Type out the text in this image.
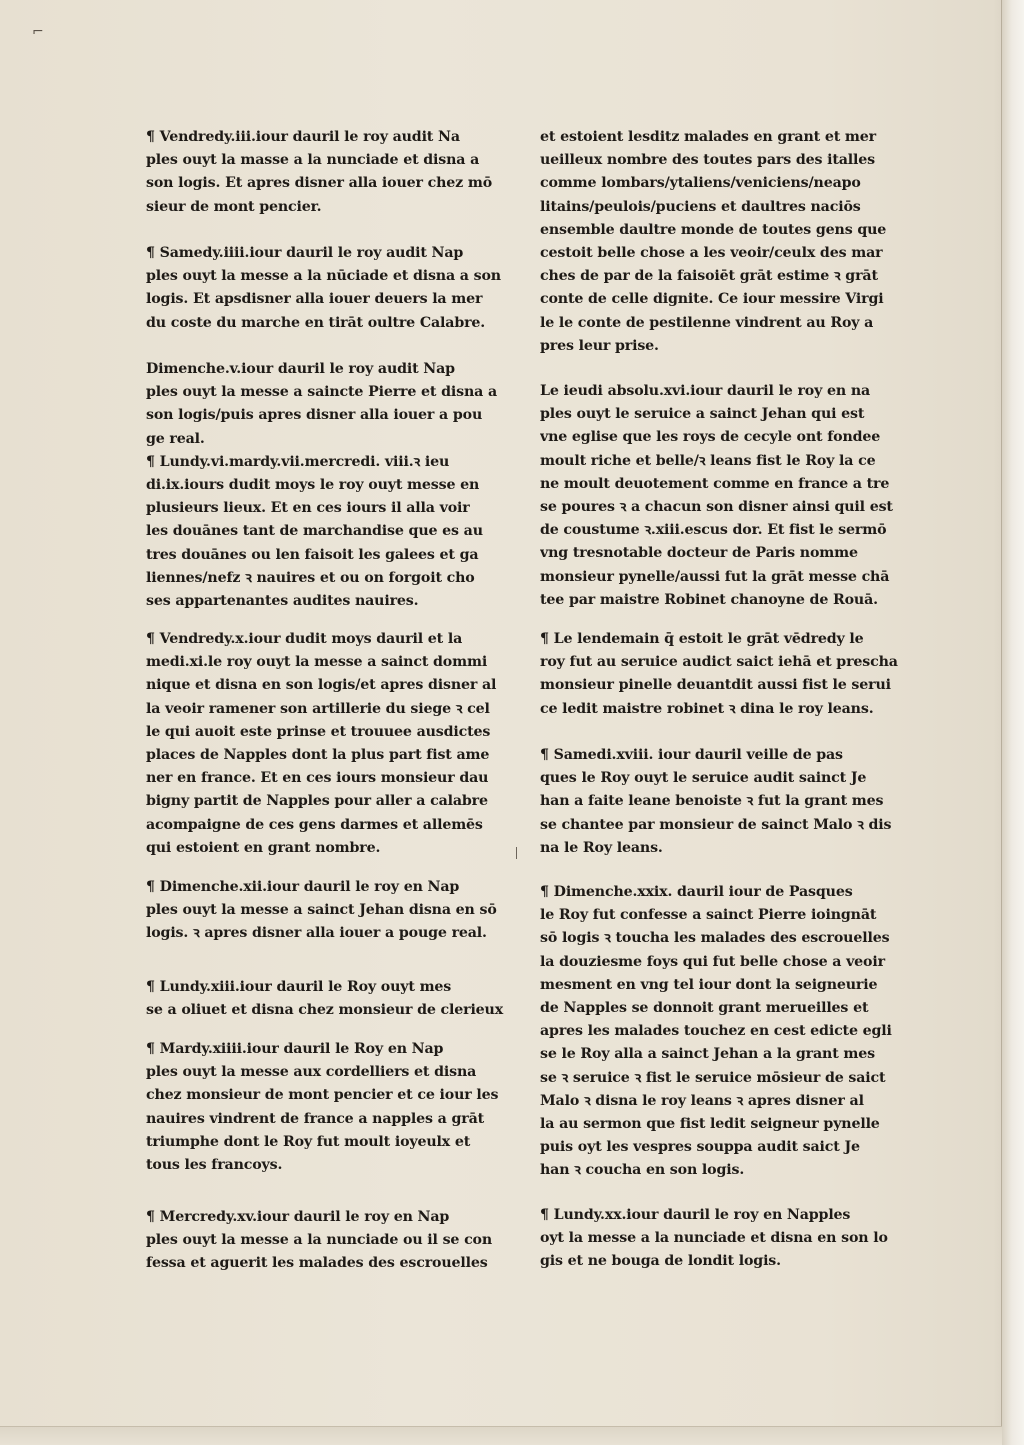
⌐
¶ Vendredy.iii.iour dauril le roy audit Na
ples ouyt la masse a la nunciade et disna a
son logis. Et apres disner alla iouer chez mō
sieur de mont pencier.
¶ Samedy.iiii.iour dauril le roy audit Nap
ples ouyt la messe a la nūciade et disna a son
logis. Et apsdisner alla iouer deuers la mer
du coste du marche en tirāt oultre Calabre.
Dimenche.v.iour dauril le roy audit Nap
ples ouyt la messe a saincte Pierre et disna a
son logis/puis apres disner alla iouer a pou
ge real.
¶ Lundy.vi.mardy.vii.mercredi. viii.ꝛ ieu
di.ix.iours dudit moys le roy ouyt messe en
plusieurs lieux. Et en ces iours il alla voir
les douānes tant de marchandise que es au
tres douānes ou len faisoit les galees et ga
liennes/nefz ꝛ nauires et ou on forgoit cho
ses appartenantes audites nauires.
¶ Vendredy.x.iour dudit moys dauril et la
medi.xi.le roy ouyt la messe a sainct dommi
nique et disna en son logis/et apres disner al
la veoir ramener son artillerie du siege ꝛ cel
le qui auoit este prinse et trouuee ausdictes
places de Napples dont la plus part fist ame
ner en france. Et en ces iours monsieur dau
bigny partit de Napples pour aller a calabre
acompaigne de ces gens darmes et allemēs
qui estoient en grant nombre.
¶ Dimenche.xii.iour dauril le roy en Nap
ples ouyt la messe a sainct Jehan disna en sō
logis. ꝛ apres disner alla iouer a pouge real.
¶ Lundy.xiii.iour dauril le Roy ouyt mes
se a oliuet et disna chez monsieur de clerieux
¶ Mardy.xiiii.iour dauril le Roy en Nap
ples ouyt la messe aux cordelliers et disna
chez monsieur de mont pencier et ce iour les
nauires vindrent de france a napples a grāt
triumphe dont le Roy fut moult ioyeulx et
tous les francoys.
¶ Mercredy.xv.iour dauril le roy en Nap
ples ouyt la messe a la nunciade ou il se con
fessa et aguerit les malades des escrouelles
et estoient lesditz malades en grant et mer
ueilleux nombre des toutes pars des italles
comme lombars/ytaliens/veniciens/neapo
litains/peulois/puciens et daultres naciōs
ensemble daultre monde de toutes gens que
cestoit belle chose a les veoir/ceulx des mar
ches de par de la faisoiēt grāt estime ꝛ grāt
conte de celle dignite. Ce iour messire Virgi
le le conte de pestilenne vindrent au Roy a
pres leur prise.
Le ieudi absolu.xvi.iour dauril le roy en na
ples ouyt le seruice a sainct Jehan qui est
vne eglise que les roys de cecyle ont fondee
moult riche et belle/ꝛ leans fist le Roy la ce
ne moult deuotement comme en france a tre
se poures ꝛ a chacun son disner ainsi quil est
de coustume ꝛ.xiii.escus dor. Et fist le sermō
vng tresnotable docteur de Paris nomme
monsieur pynelle/aussi fut la grāt messe chā
tee par maistre Robinet chanoyne de Rouā.
¶ Le lendemain q̄ estoit le grāt vēdredy le
roy fut au seruice audict saict iehā et prescha
monsieur pinelle deuantdit aussi fist le serui
ce ledit maistre robinet ꝛ dina le roy leans.
¶ Samedi.xviii. iour dauril veille de pas
ques le Roy ouyt le seruice audit sainct Je
han a faite leane benoiste ꝛ fut la grant mes
se chantee par monsieur de sainct Malo ꝛ dis
na le Roy leans.
¶ Dimenche.xxix. dauril iour de Pasques
le Roy fut confesse a sainct Pierre ioingnāt
sō logis ꝛ toucha les malades des escrouelles
la douziesme foys qui fut belle chose a veoir
mesment en vng tel iour dont la seigneurie
de Napples se donnoit grant merueilles et
apres les malades touchez en cest edicte egli
se le Roy alla a sainct Jehan a la grant mes
se ꝛ seruice ꝛ fist le seruice mōsieur de saict
Malo ꝛ disna le roy leans ꝛ apres disner al
la au sermon que fist ledit seigneur pynelle
puis oyt les vespres souppa audit saict Je
han ꝛ coucha en son logis.
¶ Lundy.xx.iour dauril le roy en Napples
oyt la messe a la nunciade et disna en son lo
gis et ne bouga de londit logis.
